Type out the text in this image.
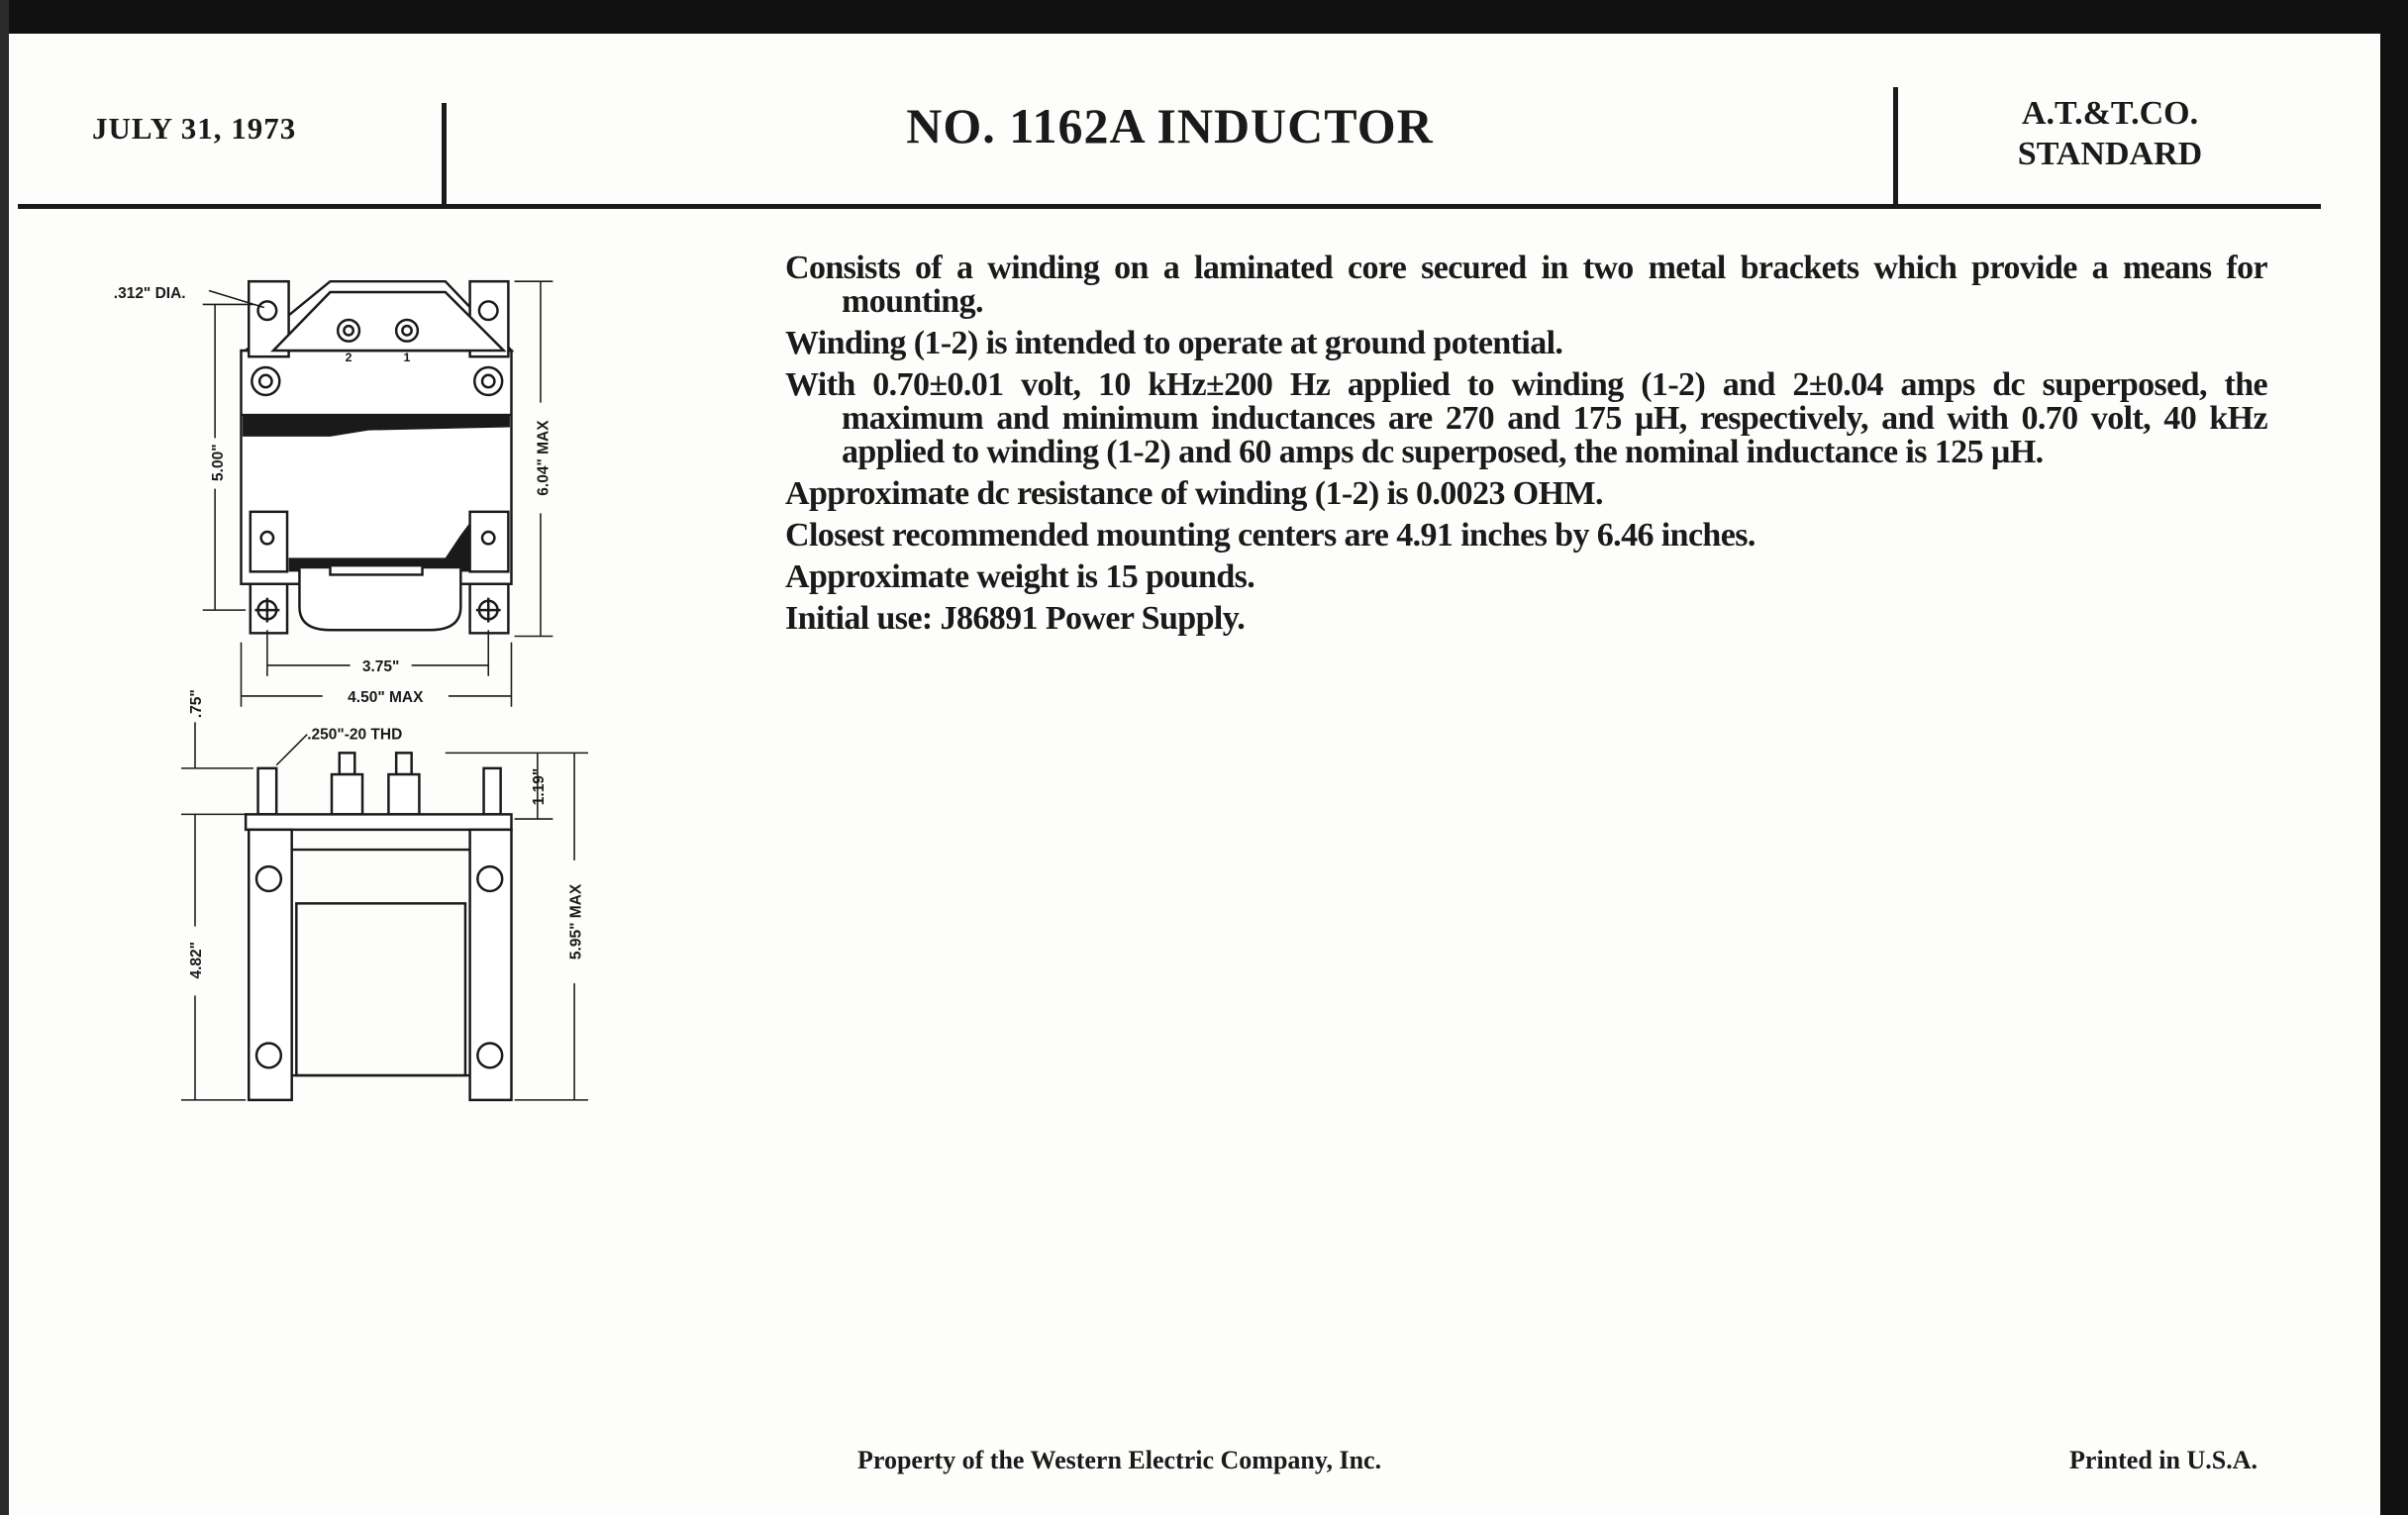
JULY 31, 1973	NO. 1162A INDUCTOR	A.T.&T.CO.
STANDARD

Consists of a winding on a laminated core secured in two metal brackets which provide a means for mounting.

Winding (1-2) is intended to operate at ground potential.

With 0.70±0.01 volt, 10 kHz±200 Hz applied to winding (1-2) and 2±0.04 amps dc superposed, the maximum and minimum inductances are 270 and 175 µH, respectively, and with 0.70 volt, 40 kHz applied to winding (1-2) and 60 amps dc superposed, the nominal inductance is 125 µH.

Approximate dc resistance of winding (1-2) is 0.0023 OHM.

Closest recommended mounting centers are 4.91 inches by 6.46 inches.

Approximate weight is 15 pounds.

Initial use: J86891 Power Supply.

2	1
5.00"	6.04" MAX
3.75"
4.50" MAX
.312" DIA.
.75"
4.82"
.250"-20 THD
1.19"
5.95" MAX
Property of the Western Electric Company, Inc.	Printed in U.S.A.
